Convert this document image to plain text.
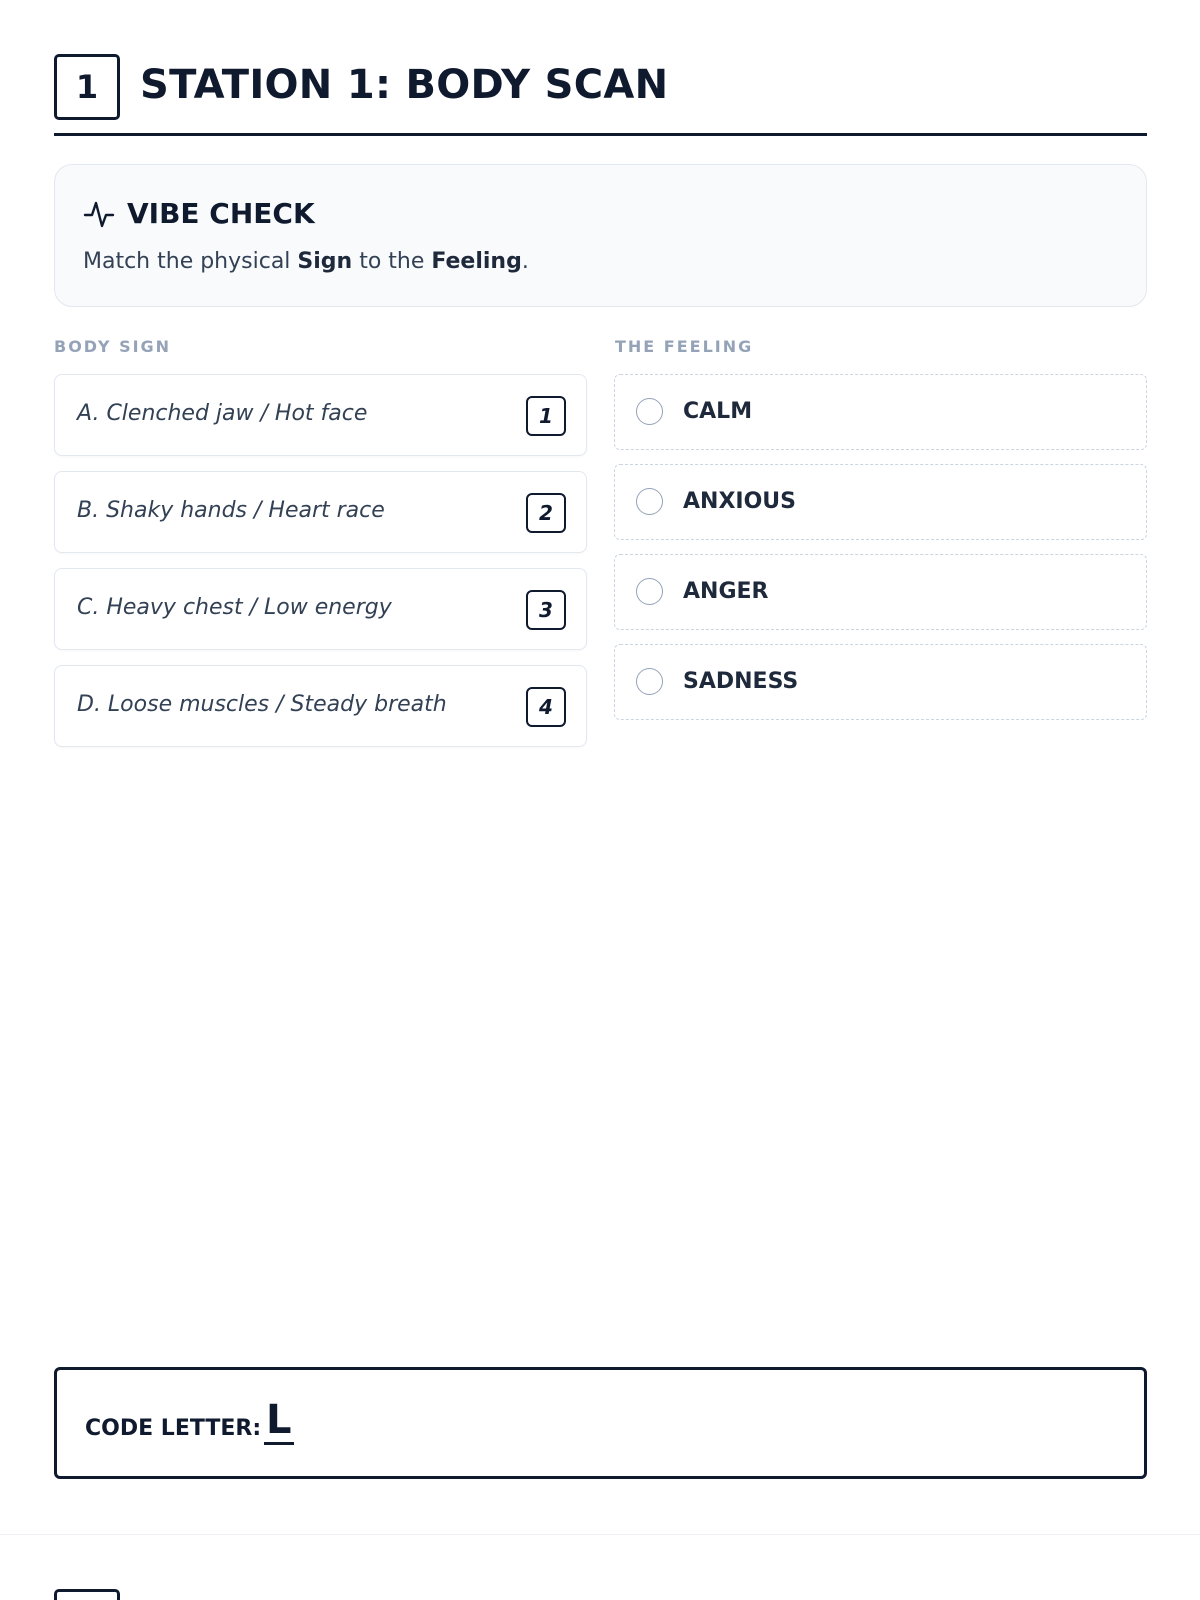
1	STATION 1: BODY SCAN
VIBE CHECK
Match the physical Sign to the Feeling.
BODY SIGN	THE FEELING
A. Clenched jaw / Hot face	1
B. Shaky hands / Heart race	2
C. Heavy chest / Low energy	3
D. Loose muscles / Steady breath	4
CALM
ANXIOUS
ANGER
SADNESS
CODE LETTER: L
